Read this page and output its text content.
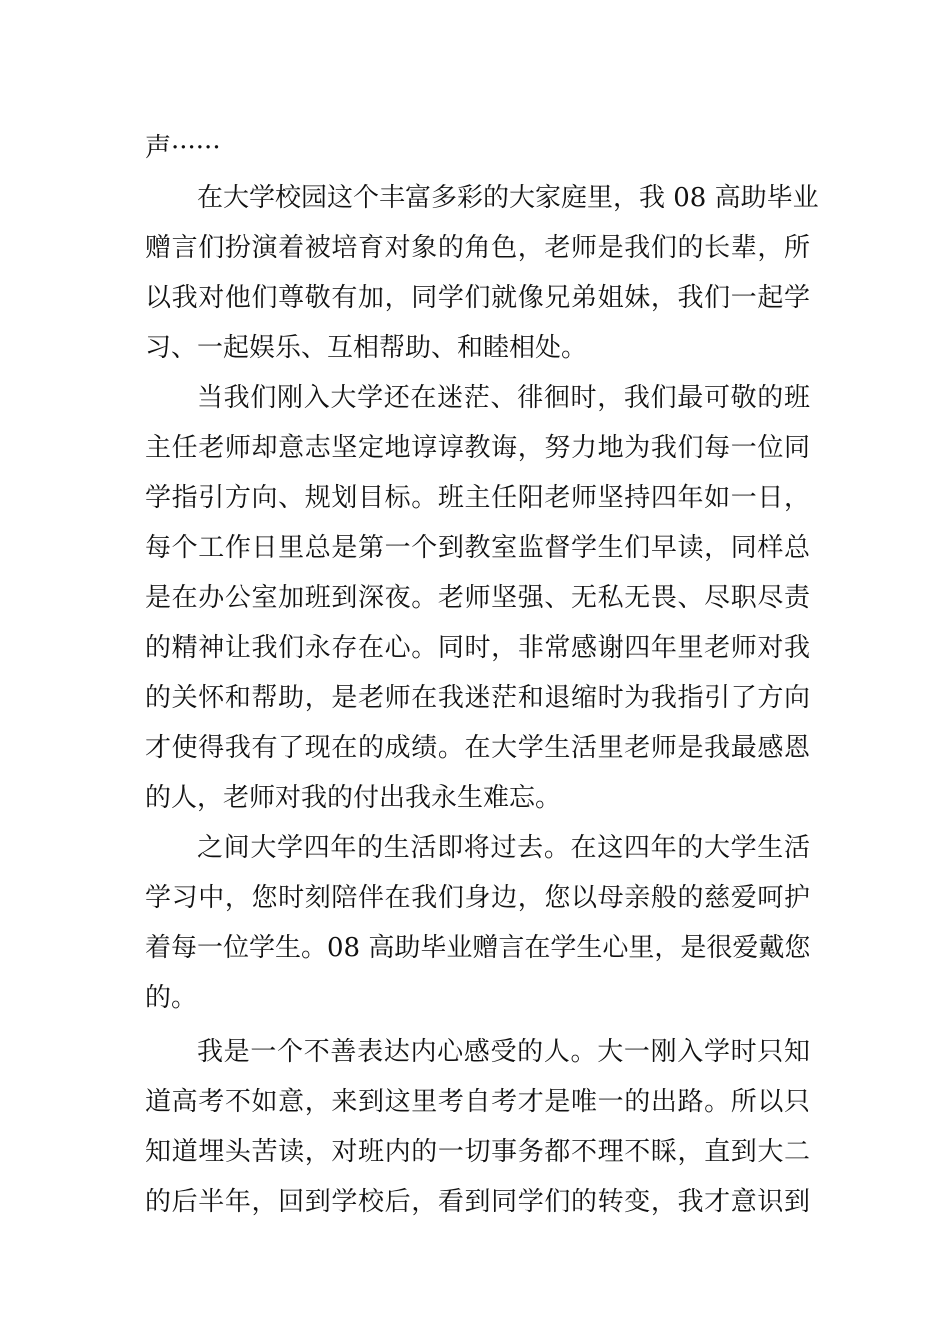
声······

在大学校园这个丰富多彩的大家庭里，我 08 高助毕业
赠言们扮演着被培育对象的角色，老师是我们的长辈，所
以我对他们尊敬有加，同学们就像兄弟姐妹，我们一起学
习、一起娱乐、互相帮助、和睦相处。

当我们刚入大学还在迷茫、徘徊时，我们最可敬的班
主任老师却意志坚定地谆谆教诲，努力地为我们每一位同
学指引方向、规划目标。班主任阳老师坚持四年如一日，
每个工作日里总是第一个到教室监督学生们早读，同样总
是在办公室加班到深夜。老师坚强、无私无畏、尽职尽责
的精神让我们永存在心。同时，非常感谢四年里老师对我
的关怀和帮助，是老师在我迷茫和退缩时为我指引了方向
才使得我有了现在的成绩。在大学生活里老师是我最感恩
的人，老师对我的付出我永生难忘。

之间大学四年的生活即将过去。在这四年的大学生活
学习中，您时刻陪伴在我们身边，您以母亲般的慈爱呵护
着每一位学生。08 高助毕业赠言在学生心里，是很爱戴您
的。

我是一个不善表达内心感受的人。大一刚入学时只知
道高考不如意，来到这里考自考才是唯一的出路。所以只
知道埋头苦读，对班内的一切事务都不理不睬，直到大二
的后半年，回到学校后，看到同学们的转变，我才意识到
